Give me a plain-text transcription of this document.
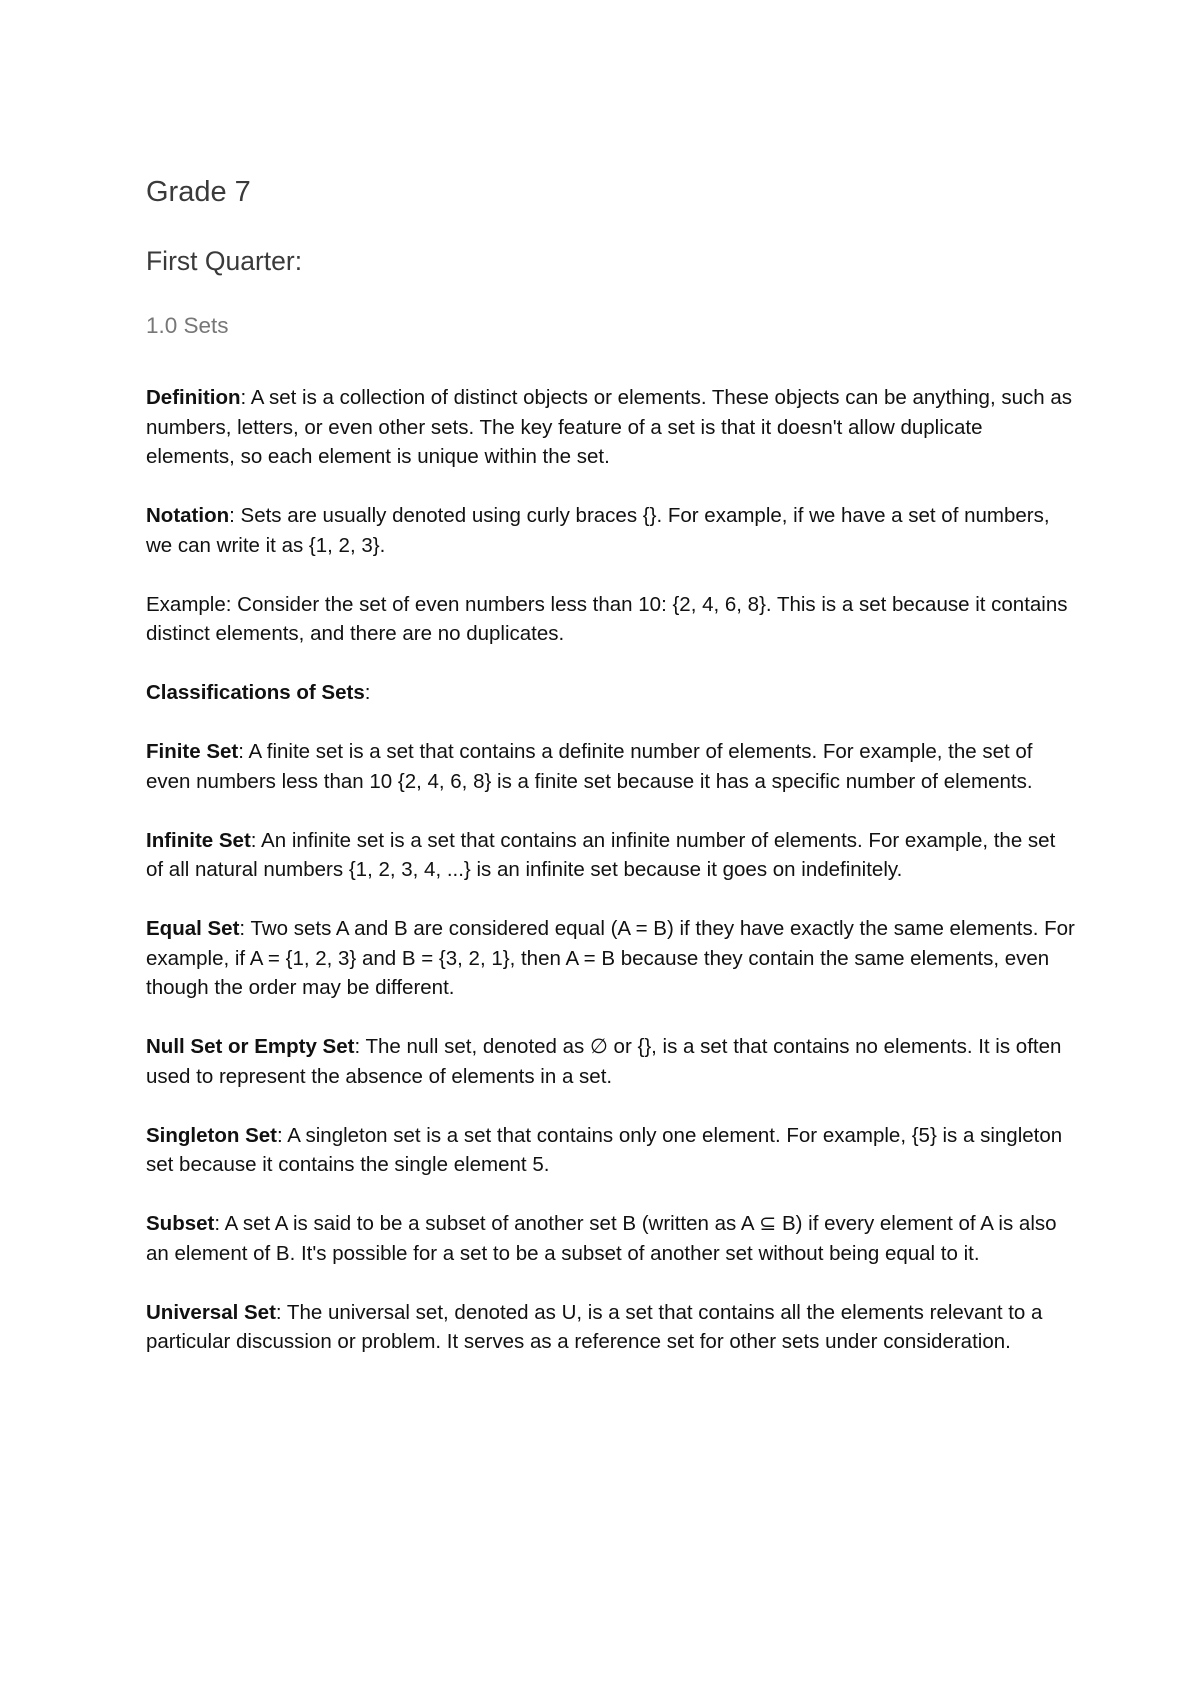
Grade 7
First Quarter:
1.0 Sets

Definition: A set is a collection of distinct objects or elements. These objects can be anything, such as numbers, letters, or even other sets. The key feature of a set is that it doesn't allow duplicate elements, so each element is unique within the set.

Notation: Sets are usually denoted using curly braces {}. For example, if we have a set of numbers, we can write it as {1, 2, 3}.

Example: Consider the set of even numbers less than 10: {2, 4, 6, 8}. This is a set because it contains distinct elements, and there are no duplicates.

Classifications of Sets:

Finite Set: A finite set is a set that contains a definite number of elements. For example, the set of even numbers less than 10 {2, 4, 6, 8} is a finite set because it has a specific number of elements.

Infinite Set: An infinite set is a set that contains an infinite number of elements. For example, the set of all natural numbers {1, 2, 3, 4, ...} is an infinite set because it goes on indefinitely.

Equal Set: Two sets A and B are considered equal (A = B) if they have exactly the same elements. For example, if A = {1, 2, 3} and B = {3, 2, 1}, then A = B because they contain the same elements, even though the order may be different.

Null Set or Empty Set: The null set, denoted as ∅ or {}, is a set that contains no elements. It is often used to represent the absence of elements in a set.

Singleton Set: A singleton set is a set that contains only one element. For example, {5} is a singleton set because it contains the single element 5.

Subset: A set A is said to be a subset of another set B (written as A ⊆ B) if every element of A is also an element of B. It's possible for a set to be a subset of another set without being equal to it.

Universal Set: The universal set, denoted as U, is a set that contains all the elements relevant to a particular discussion or problem. It serves as a reference set for other sets under consideration.
